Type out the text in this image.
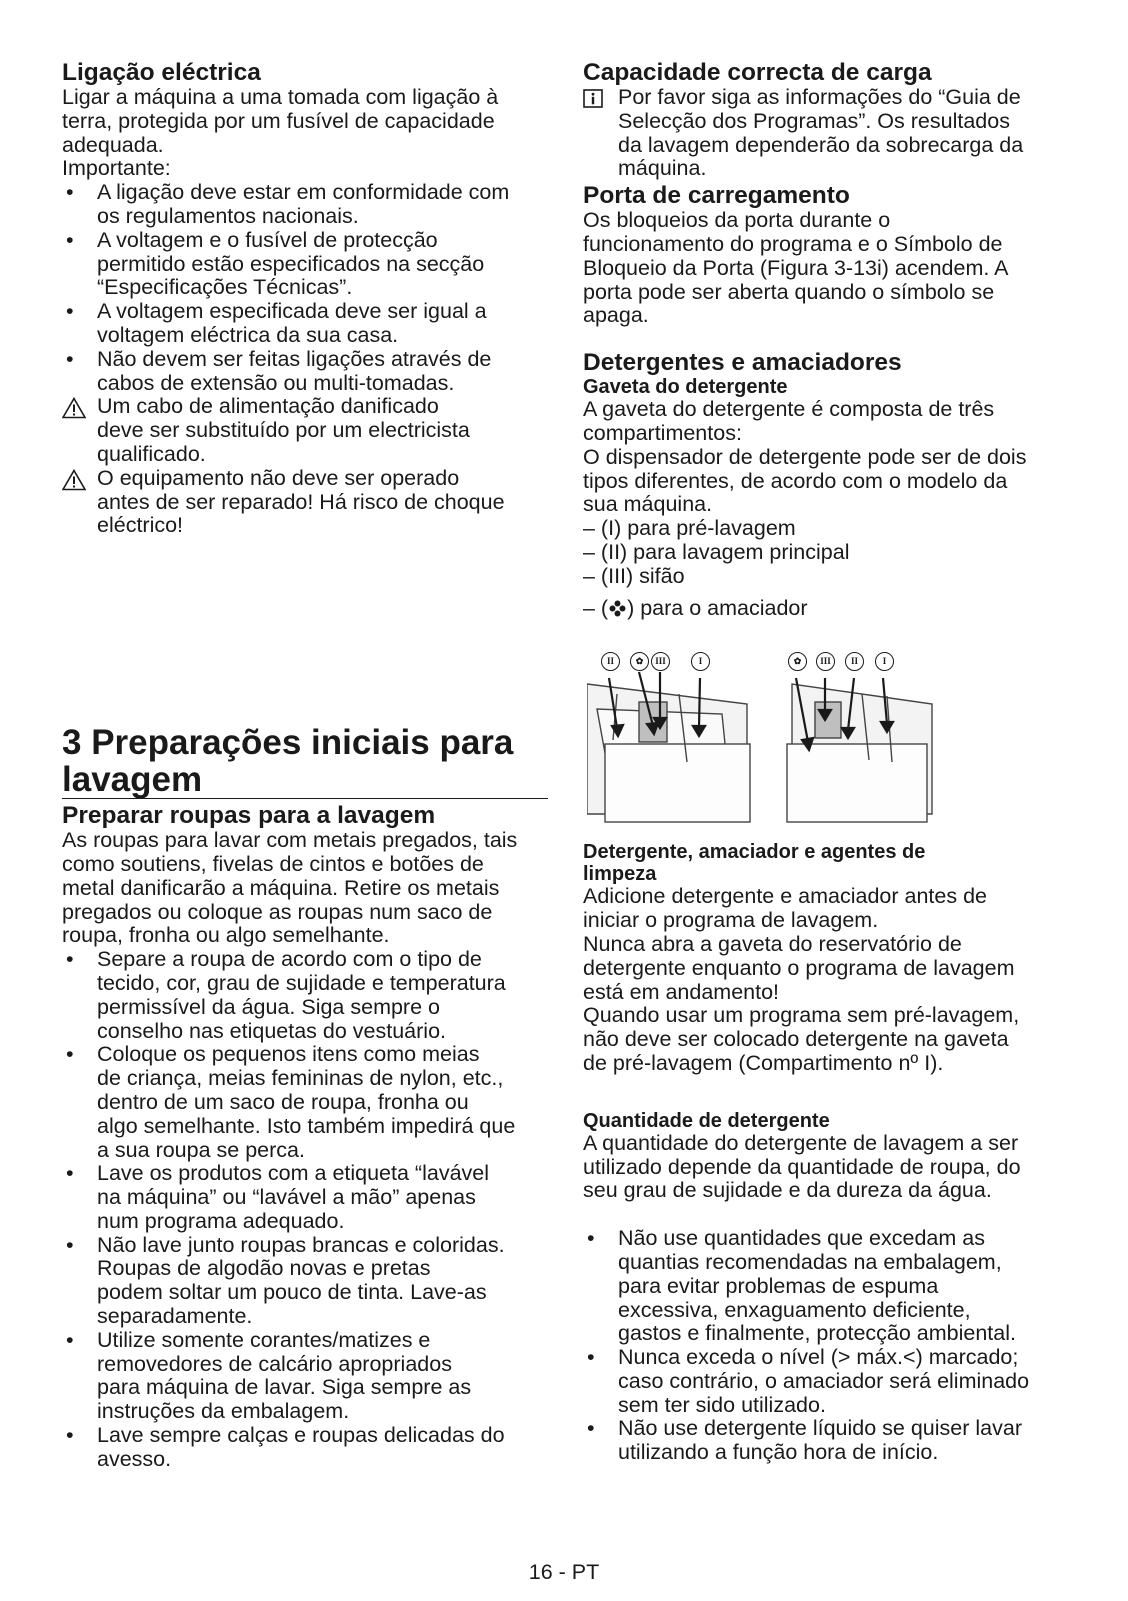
Ligação eléctrica
Ligar a máquina a uma tomada com ligação à
terra, protegida por um fusível de capacidade
adequada.
Importante:
• A ligação deve estar em conformidade com
os regulamentos nacionais.
• A voltagem e o fusível de protecção
permitido estão especificados na secção
“Especificações Técnicas”.
• A voltagem especificada deve ser igual a
voltagem eléctrica da sua casa.
• Não devem ser feitas ligações através de
cabos de extensão ou multi-tomadas.
Um cabo de alimentação danificado
deve ser substituído por um electricista
qualificado.
O equipamento não deve ser operado
antes de ser reparado! Há risco de choque
eléctrico!
3 Preparações iniciais para
lavagem
Preparar roupas para a lavagem
As roupas para lavar com metais pregados, tais
como soutiens, fivelas de cintos e botões de
metal danificarão a máquina. Retire os metais
pregados ou coloque as roupas num saco de
roupa, fronha ou algo semelhante.
• Separe a roupa de acordo com o tipo de
tecido, cor, grau de sujidade e temperatura
permissível da água. Siga sempre o
conselho nas etiquetas do vestuário.
• Coloque os pequenos itens como meias
de criança, meias femininas de nylon, etc.,
dentro de um saco de roupa, fronha ou
algo semelhante. Isto também impedirá que
a sua roupa se perca.
• Lave os produtos com a etiqueta “lavável
na máquina” ou “lavável a mão” apenas
num programa adequado.
• Não lave junto roupas brancas e coloridas.
Roupas de algodão novas e pretas
podem soltar um pouco de tinta. Lave-as
separadamente.
• Utilize somente corantes/matizes e
removedores de calcário apropriados
para máquina de lavar. Siga sempre as
instruções da embalagem.
• Lave sempre calças e roupas delicadas do
avesso.
Capacidade correcta de carga
Por favor siga as informações do “Guia de
Selecção dos Programas”. Os resultados
da lavagem dependerão da sobrecarga da
máquina.
Porta de carregamento
Os bloqueios da porta durante o
funcionamento do programa e o Símbolo de
Bloqueio da Porta (Figura 3-13i) acendem. A
porta pode ser aberta quando o símbolo se
apaga.
Detergentes e amaciadores
Gaveta do detergente
A gaveta do detergente é composta de três
compartimentos:
O dispensador de detergente pode ser de dois
tipos diferentes, de acordo com o modelo da
sua máquina.
– (I) para pré-lavagem
– (II) para lavagem principal
– (III) sifão
– ( ) para o amaciador
Detergente, amaciador e agentes de
limpeza
Adicione detergente e amaciador antes de
iniciar o programa de lavagem.
Nunca abra a gaveta do reservatório de
detergente enquanto o programa de lavagem
está em andamento!
Quando usar um programa sem pré-lavagem,
não deve ser colocado detergente na gaveta
de pré-lavagem (Compartimento nº I).
Quantidade de detergente
A quantidade do detergente de lavagem a ser
utilizado depende da quantidade de roupa, do
seu grau de sujidade e da dureza da água.
• Não use quantidades que excedam as
quantias recomendadas na embalagem,
para evitar problemas de espuma
excessiva, enxaguamento deficiente,
gastos e finalmente, protecção ambiental.
• Nunca exceda o nível (> máx.<) marcado;
caso contrário, o amaciador será eliminado
sem ter sido utilizado.
• Não use detergente líquido se quiser lavar
utilizando a função hora de início.
II	✿	III	I	✿	III	II	I
16 - PT
